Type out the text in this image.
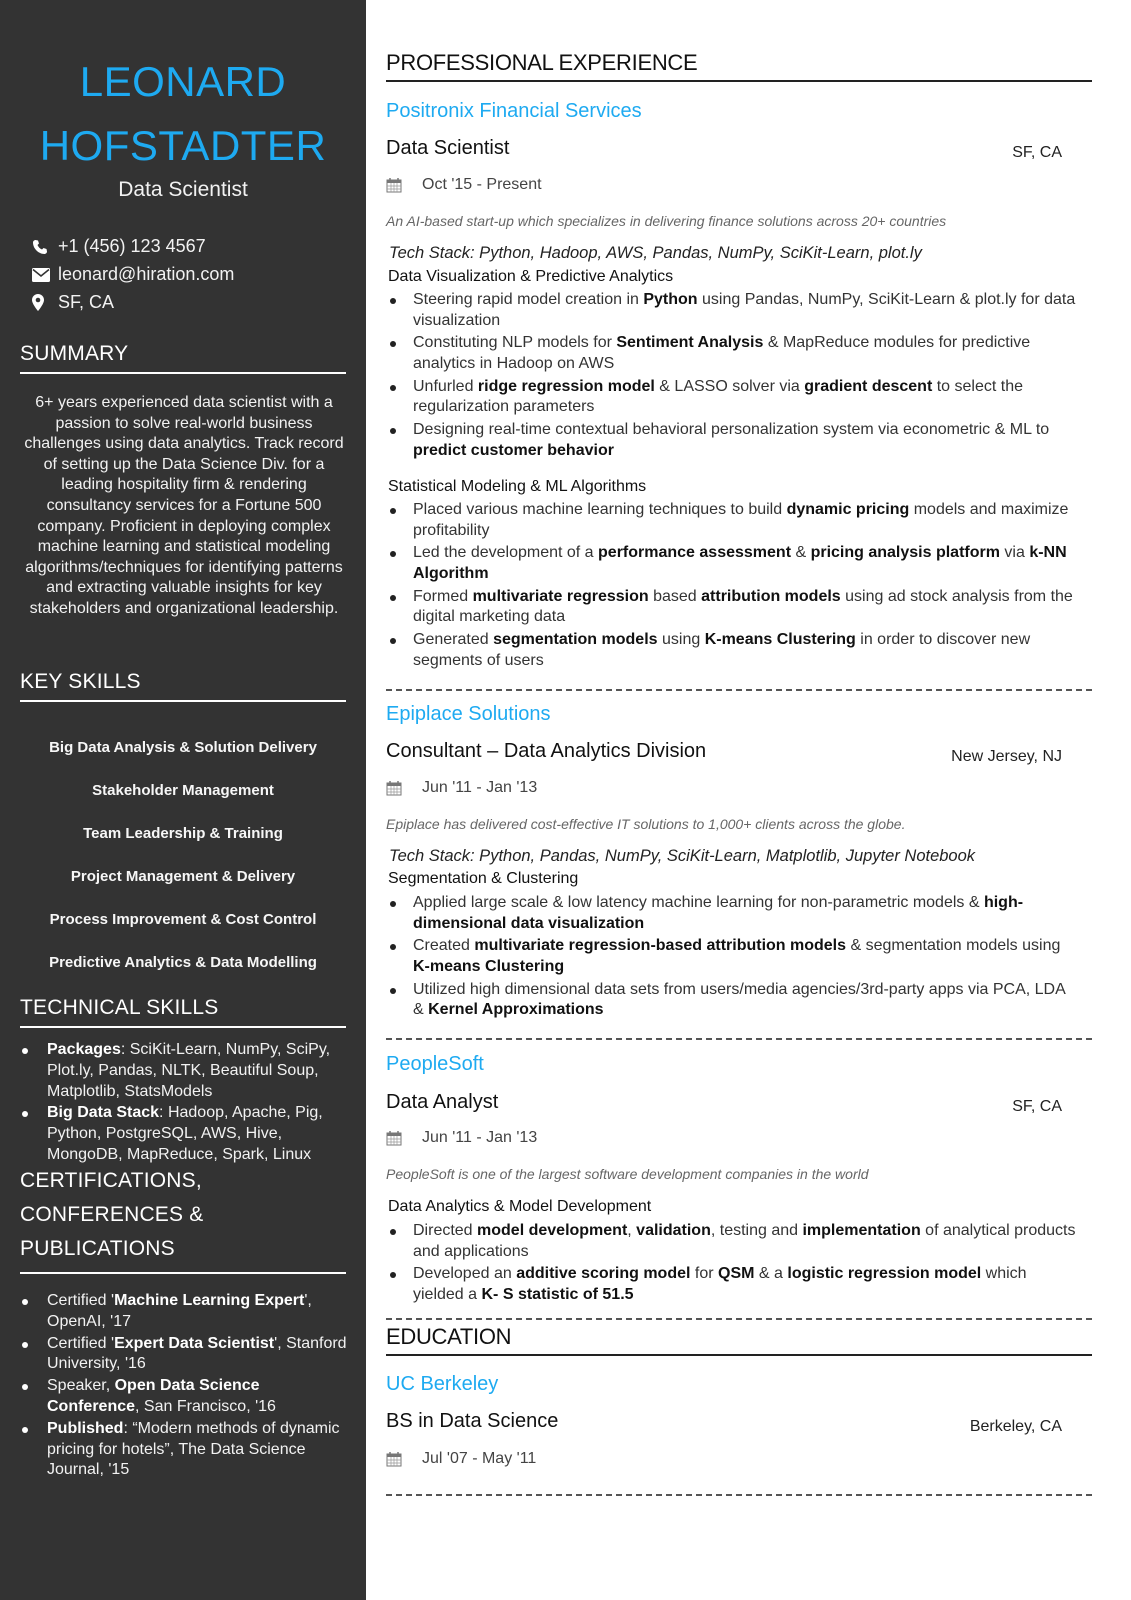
LEONARD
HOFSTADTER
Data Scientist
+1 (456) 123 4567
leonard@hiration.com
SF, CA
SUMMARY

6+ years experienced data scientist with a passion to solve real-world business challenges using data analytics. Track record of setting up the Data Science Div. for a leading hospitality firm & rendering consultancy services for a Fortune 500 company. Proficient in deploying complex machine learning and statistical modeling algorithms/techniques for identifying patterns and extracting valuable insights for key stakeholders and organizational leadership.

KEY SKILLS
Big Data Analysis & Solution Delivery
Stakeholder Management
Team Leadership & Training
Project Management & Delivery
Process Improvement & Cost Control
Predictive Analytics & Data Modelling
TECHNICAL SKILLS
Packages: SciKit-Learn, NumPy, SciPy, Plot.ly, Pandas, NLTK, Beautiful Soup, Matplotlib, StatsModels
Big Data Stack: Hadoop, Apache, Pig, Python, PostgreSQL, AWS, Hive, MongoDB, MapReduce, Spark, Linux
CERTIFICATIONS,
CONFERENCES &
PUBLICATIONS
Certified 'Machine Learning Expert', OpenAI, '17
Certified 'Expert Data Scientist', Stanford University, '16
Speaker, Open Data Science Conference, San Francisco, '16
Published: “Modern methods of dynamic pricing for hotels”, The Data Science Journal, '15
PROFESSIONAL EXPERIENCE
Positronix Financial Services
Data Scientist	SF, CA
Oct '15 - Present
An AI-based start-up which specializes in delivering finance solutions across 20+ countries
Tech Stack: Python, Hadoop, AWS, Pandas, NumPy, SciKit-Learn, plot.ly
Data Visualization & Predictive Analytics
Steering rapid model creation in Python using Pandas, NumPy, SciKit-Learn & plot.ly for data visualization
Constituting NLP models for Sentiment Analysis & MapReduce modules for predictive analytics in Hadoop on AWS
Unfurled ridge regression model & LASSO solver via gradient descent to select the regularization parameters
Designing real-time contextual behavioral personalization system via econometric & ML to predict customer behavior
Statistical Modeling & ML Algorithms
Placed various machine learning techniques to build dynamic pricing models and maximize profitability
Led the development of a performance assessment & pricing analysis platform via k-NN Algorithm
Formed multivariate regression based attribution models using ad stock analysis from the digital marketing data
Generated segmentation models using K-means Clustering in order to discover new segments of users
Epiplace Solutions
Consultant – Data Analytics Division	New Jersey, NJ
Jun '11 - Jan '13
Epiplace has delivered cost-effective IT solutions to 1,000+ clients across the globe.
Tech Stack: Python, Pandas, NumPy, SciKit-Learn, Matplotlib, Jupyter Notebook
Segmentation & Clustering
Applied large scale & low latency machine learning for non-parametric models & high-dimensional data visualization
Created multivariate regression-based attribution models & segmentation models using K-means Clustering
Utilized high dimensional data sets from users/media agencies/3rd-party apps via PCA, LDA & Kernel Approximations
PeopleSoft
Data Analyst	SF, CA
Jun '11 - Jan '13
PeopleSoft is one of the largest software development companies in the world
Data Analytics & Model Development
Directed model development, validation, testing and implementation of analytical products and applications
Developed an additive scoring model for QSM & a logistic regression model which yielded a K- S statistic of 51.5
EDUCATION
UC Berkeley
BS in Data Science	Berkeley, CA
Jul '07 - May '11
